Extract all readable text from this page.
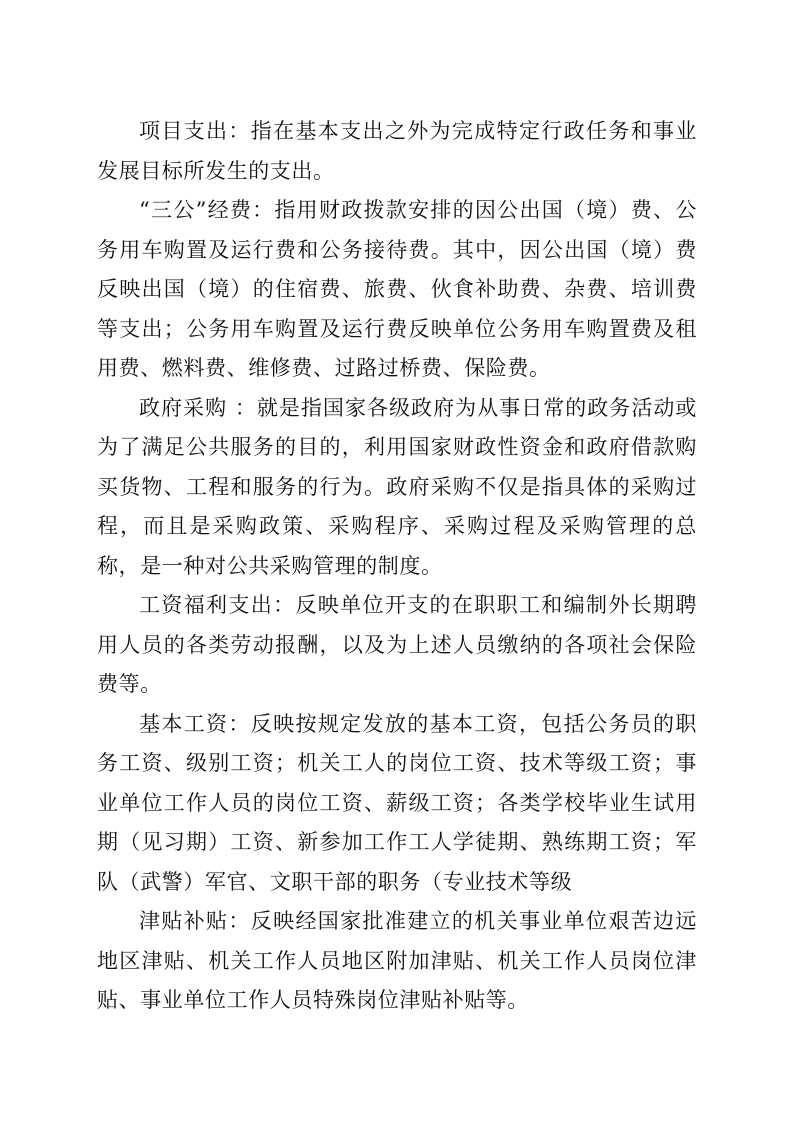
项目支出：指在基本支出之外为完成特定行政任务和事业发展目标所发生的支出。

“三公”经费：指用财政拨款安排的因公出国（境）费、公务用车购置及运行费和公务接待费。其中，因公出国（境）费反映出国（境）的住宿费、旅费、伙食补助费、杂费、培训费等支出；公务用车购置及运行费反映单位公务用车购置费及租用费、燃料费、维修费、过路过桥费、保险费。

政府采购 ：就是指国家各级政府为从事日常的政务活动或为了满足公共服务的目的，利用国家财政性资金和政府借款购买货物、工程和服务的行为。政府采购不仅是指具体的采购过程，而且是采购政策、采购程序、采购过程及采购管理的总称，是一种对公共采购管理的制度。

工资福利支出：反映单位开支的在职职工和编制外长期聘用人员的各类劳动报酬，以及为上述人员缴纳的各项社会保险费等。

基本工资：反映按规定发放的基本工资，包括公务员的职务工资、级别工资；机关工人的岗位工资、技术等级工资；事业单位工作人员的岗位工资、薪级工资；各类学校毕业生试用期（见习期）工资、新参加工作工人学徒期、熟练期工资；军队（武警）军官、文职干部的职务（专业技术等级

津贴补贴：反映经国家批准建立的机关事业单位艰苦边远地区津贴、机关工作人员地区附加津贴、机关工作人员岗位津贴、事业单位工作人员特殊岗位津贴补贴等。
